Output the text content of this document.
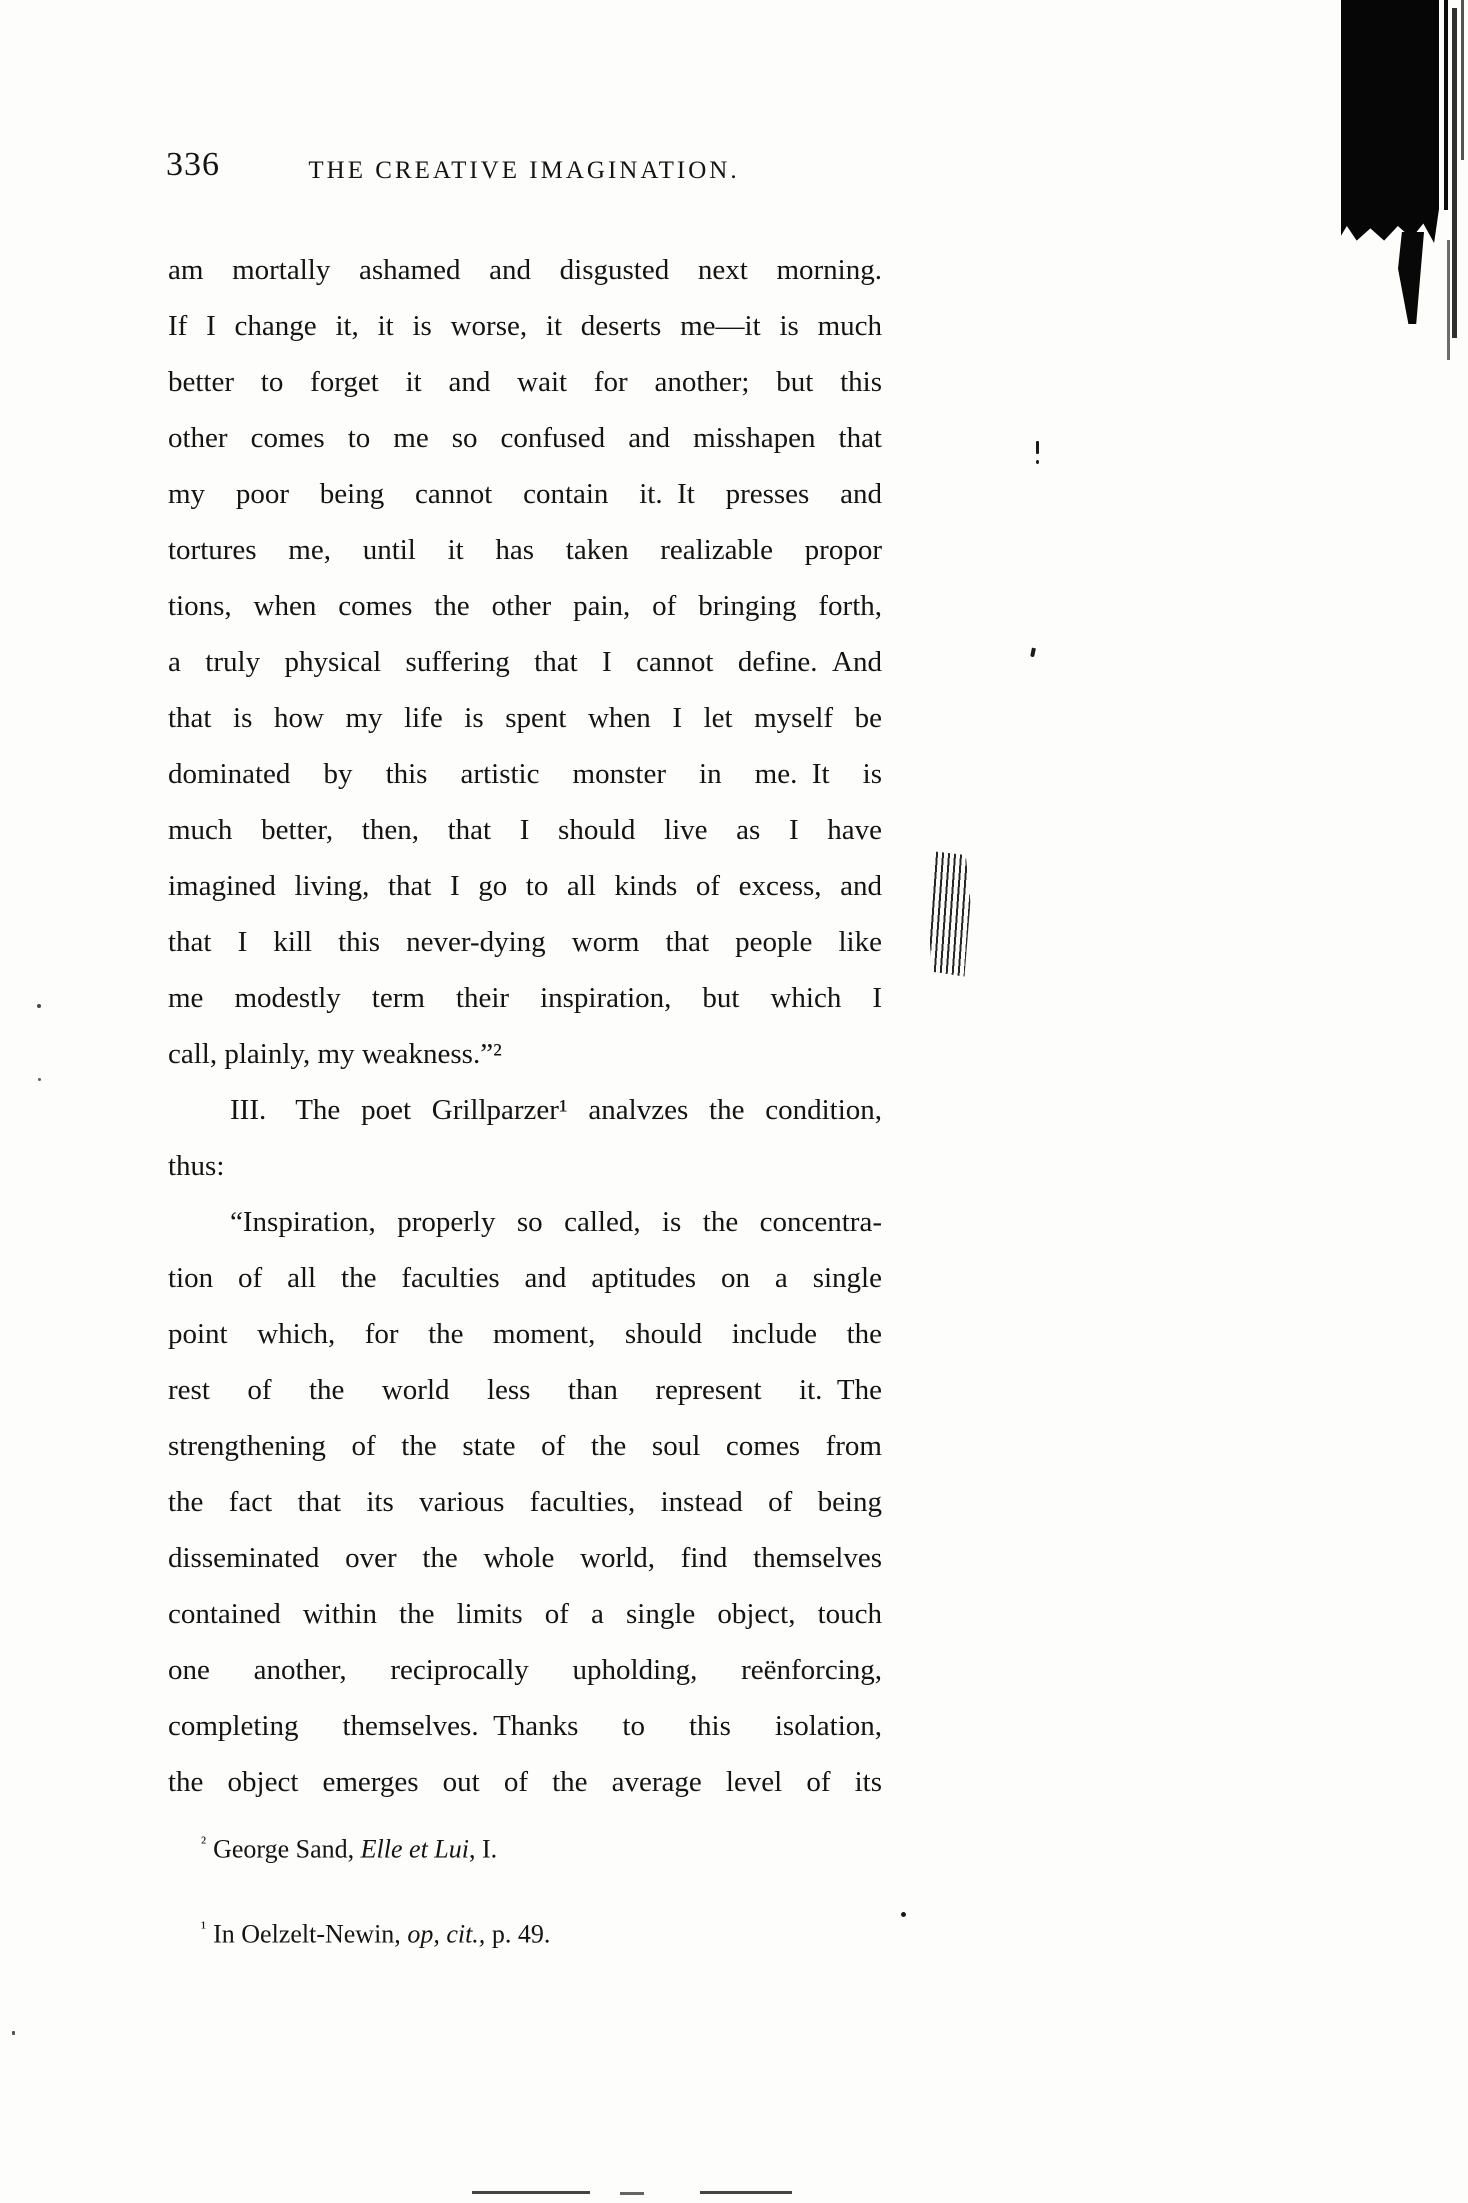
336	THE CREATIVE IMAGINATION.
am mortally ashamed and disgusted next morning.
If I change it, it is worse, it deserts me—it is much
better to forget it and wait for another; but this
other comes to me so confused and misshapen that
my poor being cannot contain it. It presses and
tortures me, until it has taken realizable propor
tions, when comes the other pain, of bringing forth,
a truly physical suffering that I cannot define. And
that is how my life is spent when I let myself be
dominated by this artistic monster in me. It is
much better, then, that I should live as I have
imagined living, that I go to all kinds of excess, and
that I kill this never-dying worm that people like
me modestly term their inspiration, but which I
call, plainly, my weakness.”²
III. The poet Grillparzer¹ analvzes the condition,
thus:
“Inspiration, properly so called, is the concentra-
tion of all the faculties and aptitudes on a single
point which, for the moment, should include the
rest of the world less than represent it. The
strengthening of the state of the soul comes from
the fact that its various faculties, instead of being
disseminated over the whole world, find themselves
contained within the limits of a single object, touch
one another, reciprocally upholding, reënforcing,
completing themselves. Thanks to this isolation,
the object emerges out of the average level of its
$^{^2}$ George Sand, Elle et Lui, I.
$^{^1}$ In Oelzelt-Newin, op, cit., p. 49.
